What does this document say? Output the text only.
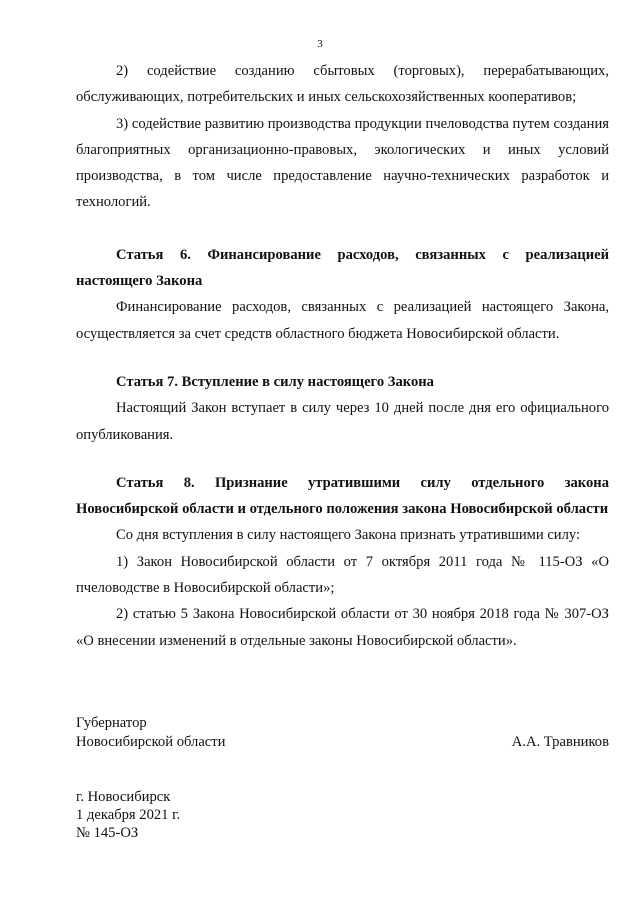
3

2) содействие созданию сбытовых (торговых), перерабатывающих, обслуживающих, потребительских и иных сельскохозяйственных кооперативов;

3) содействие развитию производства продукции пчеловодства путем создания благоприятных организационно-правовых, экологических и иных условий производства, в том числе предоставление научно-технических разработок и технологий.

Статья 6. Финансирование расходов, связанных с реализацией настоящего Закона

Финансирование расходов, связанных с реализацией настоящего Закона, осуществляется за счет средств областного бюджета Новосибирской области.

Статья 7. Вступление в силу настоящего Закона

Настоящий Закон вступает в силу через 10 дней после дня его официального опубликования.

Статья 8. Признание утратившими силу отдельного закона Новосибирской области и отдельного положения закона Новосибирской области

Со дня вступления в силу настоящего Закона признать утратившими силу:

1) Закон Новосибирской области от 7 октября 2011 года № 115-ОЗ «О пчеловодстве в Новосибирской области»;

2) статью 5 Закона Новосибирской области от 30 ноября 2018 года № 307-ОЗ «О внесении изменений в отдельные законы Новосибирской области».

Губернатор
Новосибирской области	А.А. Травников
г. Новосибирск
1 декабря 2021 г.
№ 145-ОЗ
